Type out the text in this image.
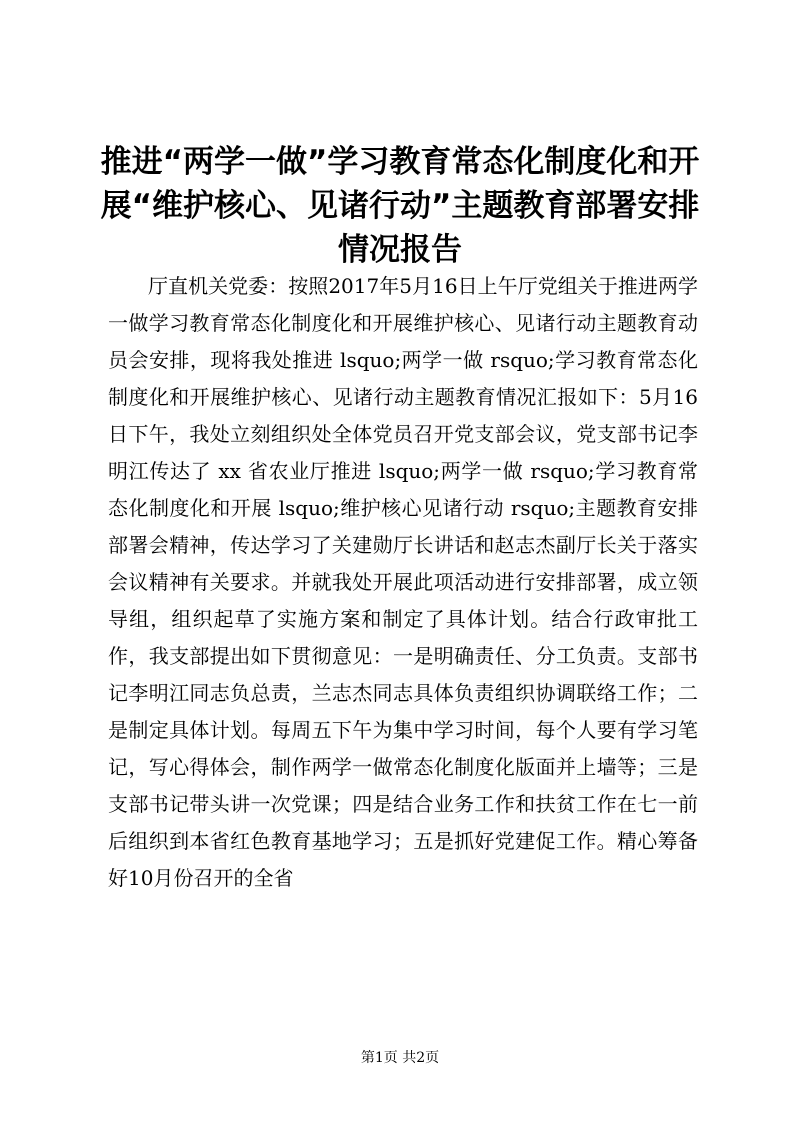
推进“两学一做”学习教育常态化制度化和开
展“维护核心、见诸行动”主题教育部署安排
情况报告

厅直机关党委：按照2017年5月16日上午厅党组关于推进两学一做学习教育常态化制度化和开展维护核心、见诸行动主题教育动员会安排，现将我处推进 lsquo;两学一做 rsquo;学习教育常态化制度化和开展维护核心、见诸行动主题教育情况汇报如下：5月16日下午，我处立刻组织处全体党员召开党支部会议，党支部书记李明江传达了 xx 省农业厅推进 lsquo;两学一做 rsquo;学习教育常态化制度化和开展 lsquo;维护核心见诸行动 rsquo;主题教育安排部署会精神，传达学习了关建勋厅长讲话和赵志杰副厅长关于落实会议精神有关要求。并就我处开展此项活动进行安排部署，成立领导组，组织起草了实施方案和制定了具体计划。结合行政审批工作，我支部提出如下贯彻意见：一是明确责任、分工负责。支部书记李明江同志负总责，兰志杰同志具体负责组织协调联络工作；二是制定具体计划。每周五下午为集中学习时间，每个人要有学习笔记，写心得体会，制作两学一做常态化制度化版面并上墙等；三是支部书记带头讲一次党课；四是结合业务工作和扶贫工作在七一前后组织到本省红色教育基地学习；五是抓好党建促工作。精心筹备好10月份召开的全省

第1页 共2页
